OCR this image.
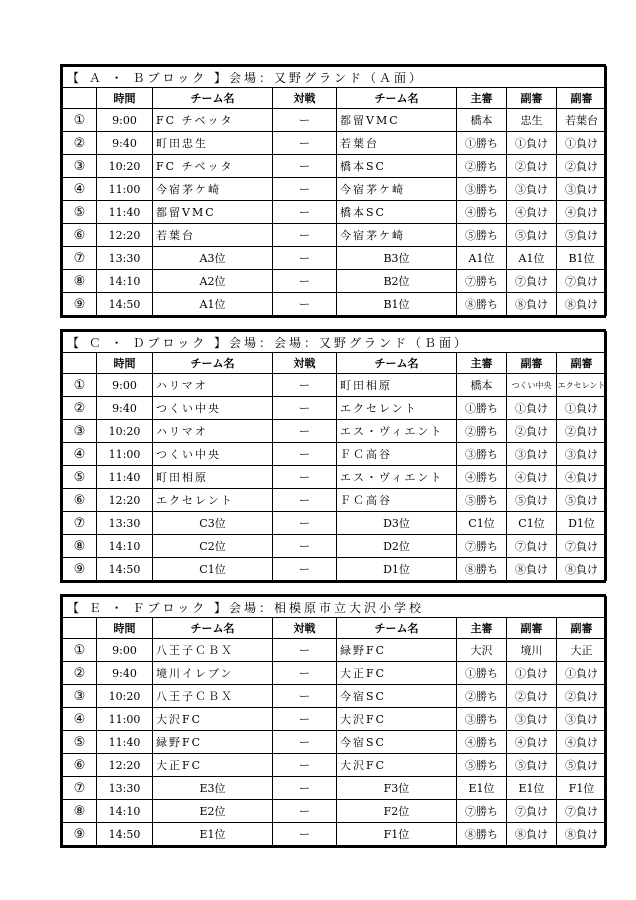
【 Ａ ・ Ｂブロック 】会場：又野グランド（Ａ面）							
	時間	チーム名	対戦	チーム名	主審	副審	副審
①	9:00	FC チベッタ	ー	都留VMC	橋本	忠生	若葉台
②	9:40	町田忠生	ー	若葉台	①勝ち	①負け	①負け
③	10:20	FC チベッタ	ー	橋本SC	②勝ち	②負け	②負け
④	11:00	今宿茅ケ崎	ー	今宿茅ケ崎	③勝ち	③負け	③負け
⑤	11:40	都留VMC	ー	橋本SC	④勝ち	④負け	④負け
⑥	12:20	若葉台	ー	今宿茅ケ崎	⑤勝ち	⑤負け	⑤負け
⑦	13:30	A3位	ー	B3位	A1位	A1位	B1位
⑧	14:10	A2位	ー	B2位	⑦勝ち	⑦負け	⑦負け
⑨	14:50	A1位	ー	B1位	⑧勝ち	⑧負け	⑧負け
【 Ｃ ・ Ｄブロック 】会場：会場：又野グランド（Ｂ面）							
	時間	チーム名	対戦	チーム名	主審	副審	副審
①	9:00	ハリマオ	ー	町田相原	橋本	つくい中央	エクセレント
②	9:40	つくい中央	ー	エクセレント	①勝ち	①負け	①負け
③	10:20	ハリマオ	ー	エス・ヴィエント	②勝ち	②負け	②負け
④	11:00	つくい中央	ー	ＦＣ高谷	③勝ち	③負け	③負け
⑤	11:40	町田相原	ー	エス・ヴィエント	④勝ち	④負け	④負け
⑥	12:20	エクセレント	ー	ＦＣ高谷	⑤勝ち	⑤負け	⑤負け
⑦	13:30	C3位	ー	D3位	C1位	C1位	D1位
⑧	14:10	C2位	ー	D2位	⑦勝ち	⑦負け	⑦負け
⑨	14:50	C1位	ー	D1位	⑧勝ち	⑧負け	⑧負け
【 Ｅ ・ Ｆブロック 】会場：相模原市立大沢小学校							
	時間	チーム名	対戦	チーム名	主審	副審	副審
①	9:00	八王子ＣＢＸ	ー	緑野FC	大沢	境川	大正
②	9:40	境川イレブン	ー	大正FC	①勝ち	①負け	①負け
③	10:20	八王子ＣＢＸ	ー	今宿SC	②勝ち	②負け	②負け
④	11:00	大沢FC	ー	大沢FC	③勝ち	③負け	③負け
⑤	11:40	緑野FC	ー	今宿SC	④勝ち	④負け	④負け
⑥	12:20	大正FC	ー	大沢FC	⑤勝ち	⑤負け	⑤負け
⑦	13:30	E3位	ー	F3位	E1位	E1位	F1位
⑧	14:10	E2位	ー	F2位	⑦勝ち	⑦負け	⑦負け
⑨	14:50	E1位	ー	F1位	⑧勝ち	⑧負け	⑧負け
